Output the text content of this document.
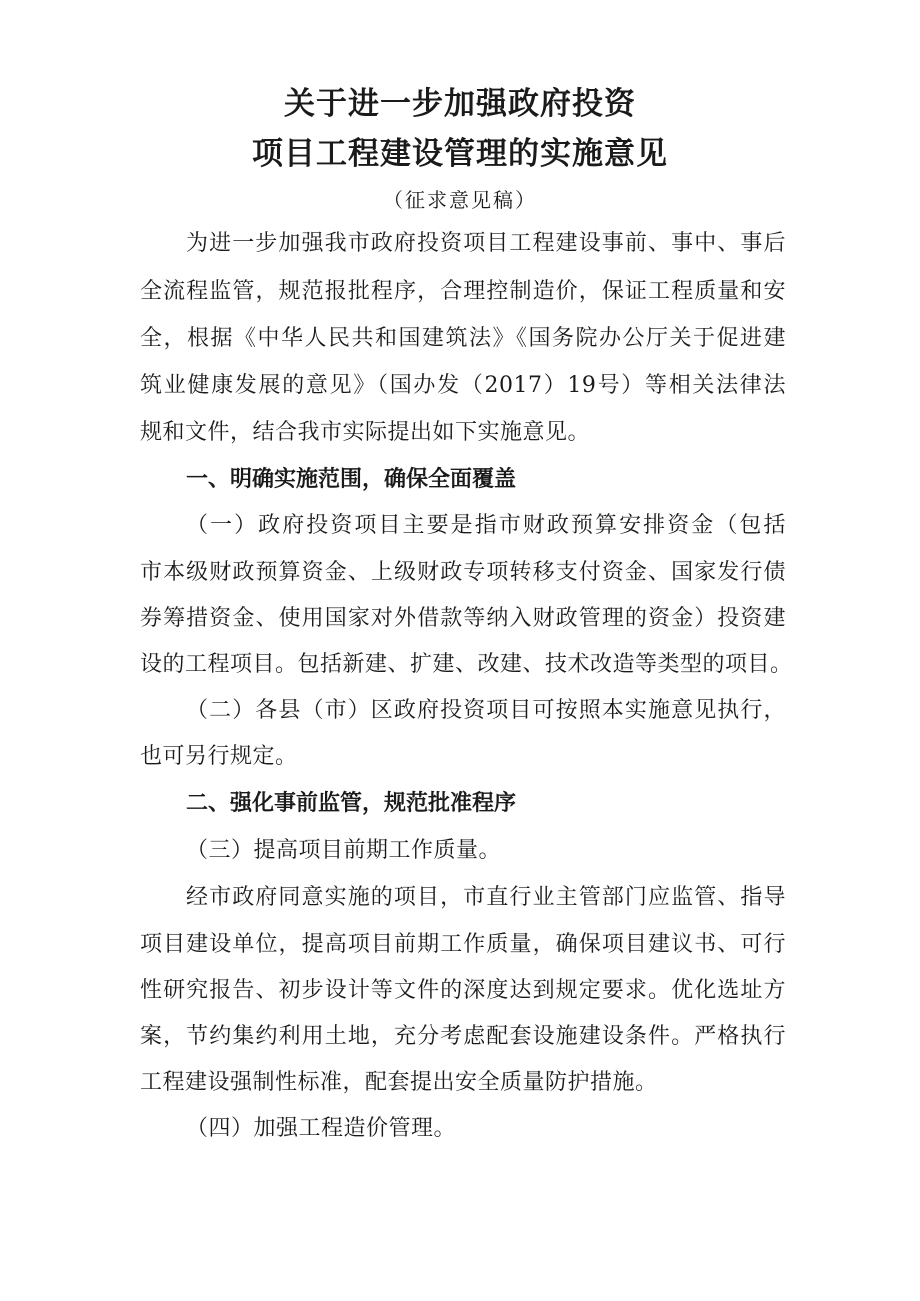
关于进一步加强政府投资
项目工程建设管理的实施意见
（征求意见稿）
为进一步加强我市政府投资项目工程建设事前、事中、事后
全流程监管，规范报批程序，合理控制造价，保证工程质量和安
全，根据《中华人民共和国建筑法》《国务院办公厅关于促进建
筑业健康发展的意见》（国办发（2017）19号）等相关法律法
规和文件，结合我市实际提出如下实施意见。
一、明确实施范围，确保全面覆盖
（一）政府投资项目主要是指市财政预算安排资金（包括
市本级财政预算资金、上级财政专项转移支付资金、国家发行债
券筹措资金、使用国家对外借款等纳入财政管理的资金）投资建
设的工程项目。包括新建、扩建、改建、技术改造等类型的项目。
（二）各县（市）区政府投资项目可按照本实施意见执行，
也可另行规定。
二、强化事前监管，规范批准程序
（三）提高项目前期工作质量。
经市政府同意实施的项目，市直行业主管部门应监管、指导
项目建设单位，提高项目前期工作质量，确保项目建议书、可行
性研究报告、初步设计等文件的深度达到规定要求。优化选址方
案，节约集约利用土地，充分考虑配套设施建设条件。严格执行
工程建设强制性标准，配套提出安全质量防护措施。
（四）加强工程造价管理。
